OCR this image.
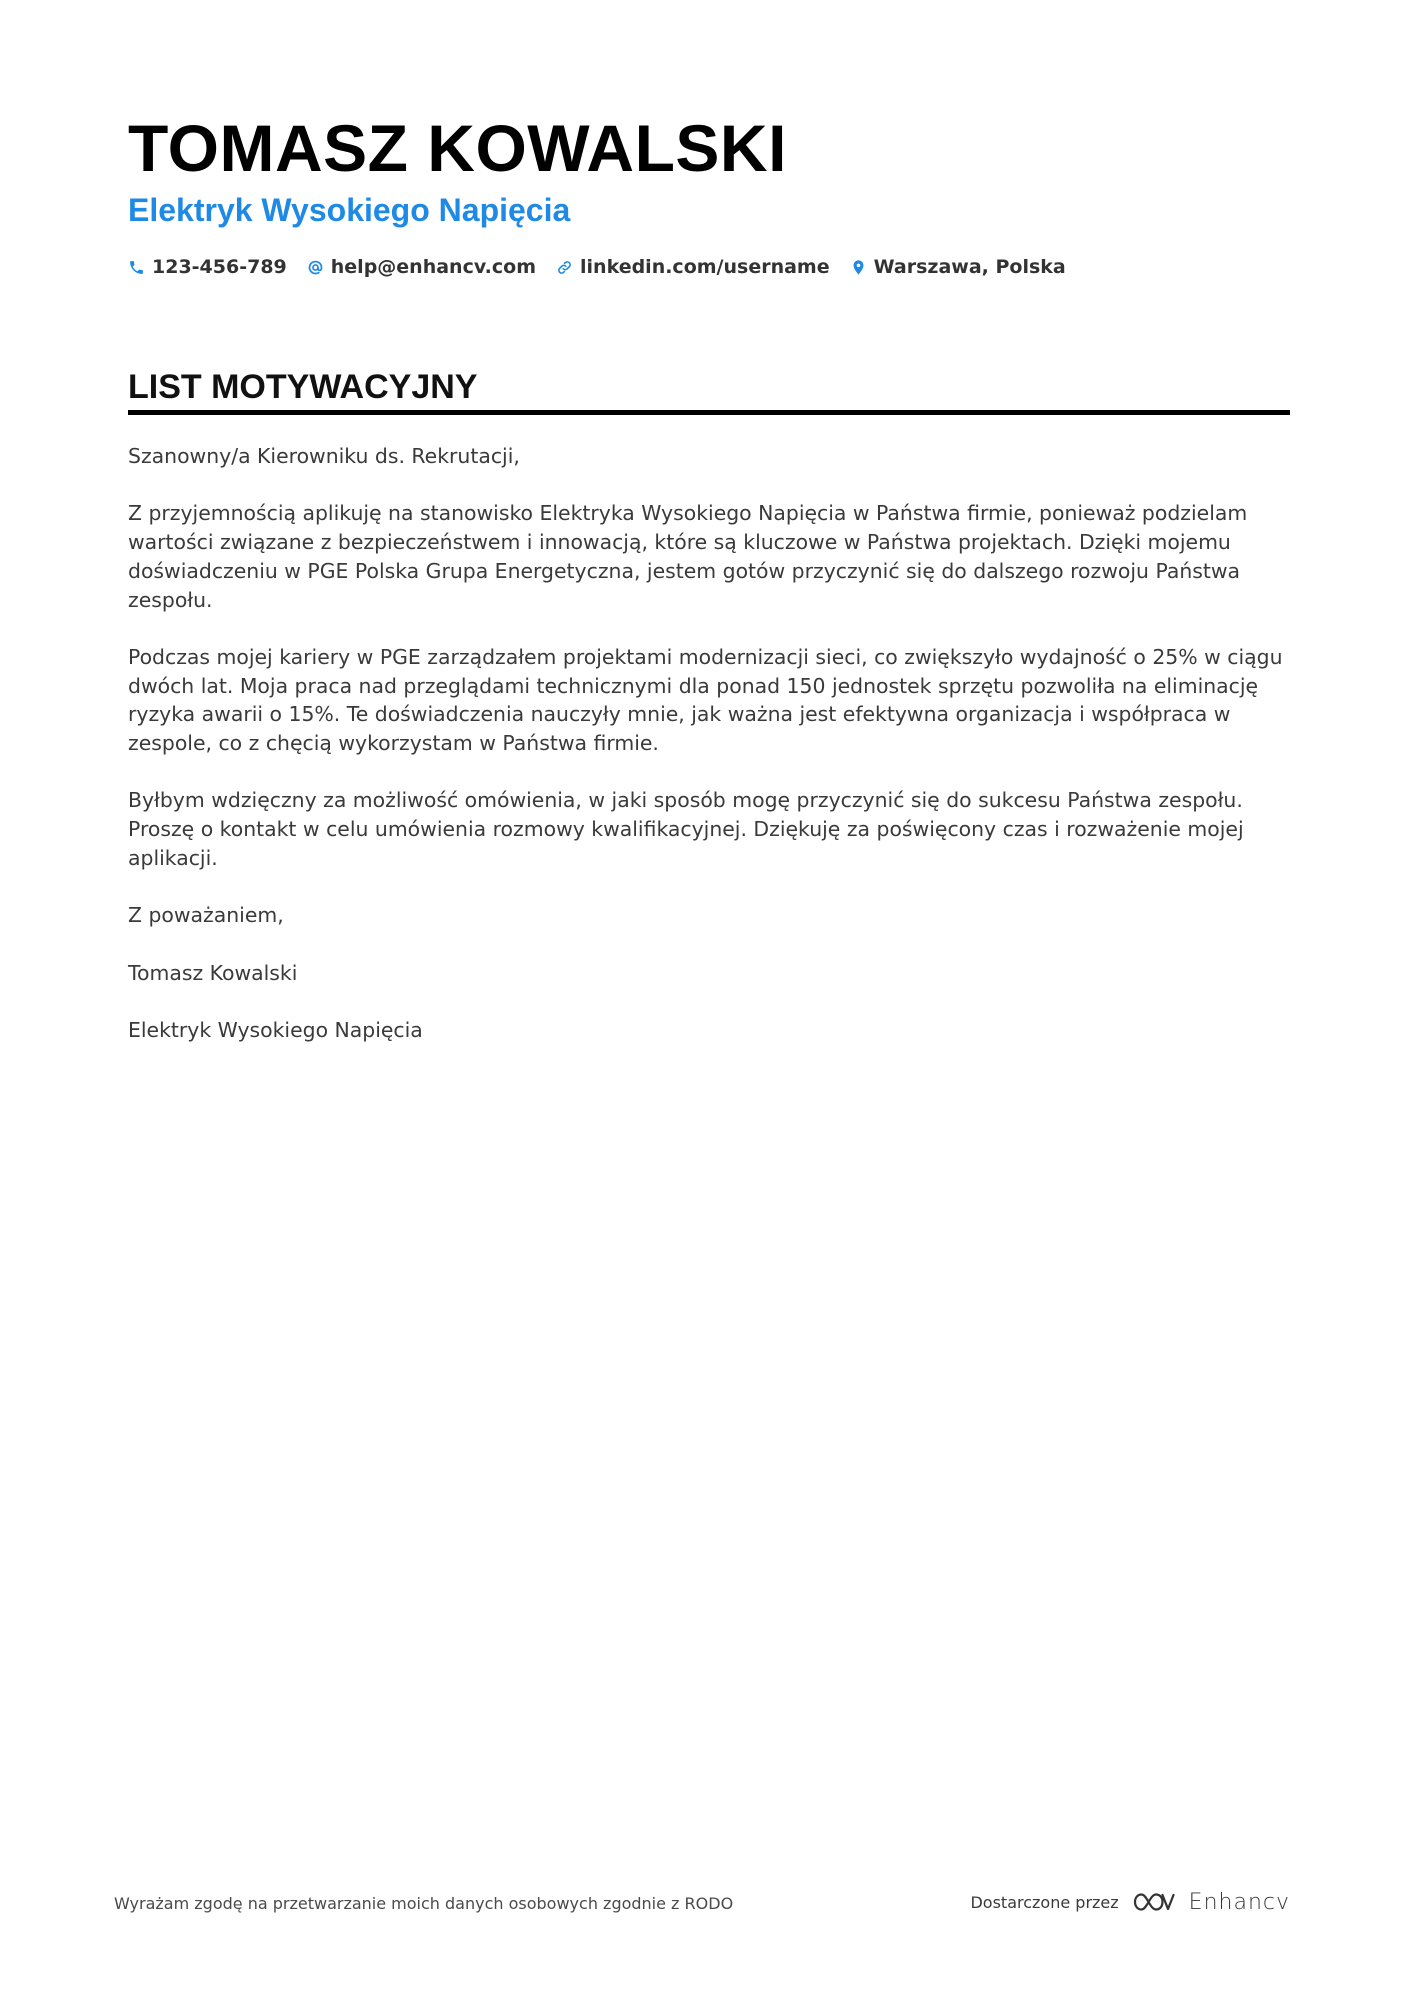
TOMASZ KOWALSKI
Elektryk Wysokiego Napięcia
123-456-789 help@enhancv.com linkedin.com/username Warszawa, Polska
LIST MOTYWACYJNY

Szanowny/a Kierowniku ds. Rekrutacji,

Z przyjemnością aplikuję na stanowisko Elektryka Wysokiego Napięcia w Państwa firmie, ponieważ podzielam wartości związane z bezpieczeństwem i innowacją, które są kluczowe w Państwa projektach. Dzięki mojemu doświadczeniu w PGE Polska Grupa Energetyczna, jestem gotów przyczynić się do dalszego rozwoju Państwa zespołu.

Podczas mojej kariery w PGE zarządzałem projektami modernizacji sieci, co zwiększyło wydajność o 25% w ciągu dwóch lat. Moja praca nad przeglądami technicznymi dla ponad 150 jednostek sprzętu pozwoliła na eliminację ryzyka awarii o 15%. Te doświadczenia nauczyły mnie, jak ważna jest efektywna organizacja i współpraca w zespole, co z chęcią wykorzystam w Państwa firmie.

Byłbym wdzięczny za możliwość omówienia, w jaki sposób mogę przyczynić się do sukcesu Państwa zespołu. Proszę o kontakt w celu umówienia rozmowy kwalifikacyjnej. Dziękuję za poświęcony czas i rozważenie mojej aplikacji.

Z poważaniem,

Tomasz Kowalski

Elektryk Wysokiego Napięcia

Wyrażam zgodę na przetwarzanie moich danych osobowych zgodnie z RODO	Dostarczone przez	Enhancv
